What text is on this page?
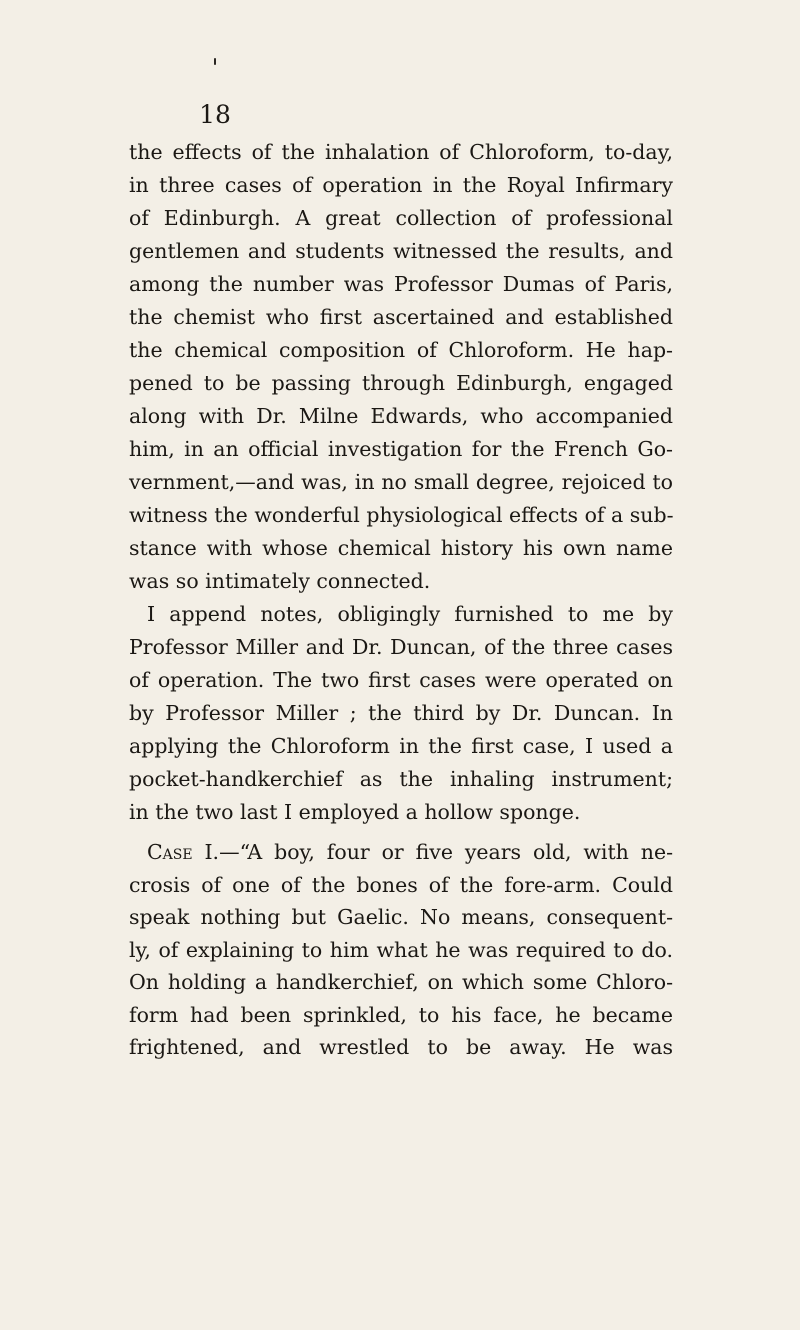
18
the effects of the inhalation of Chloroform, to-day,
in three cases of operation in the Royal Infirmary
of Edinburgh. A great collection of professional
gentlemen and students witnessed the results, and
among the number was Professor Dumas of Paris,
the chemist who first ascertained and established
the chemical composition of Chloroform. He hap-
pened to be passing through Edinburgh, engaged
along with Dr. Milne Edwards, who accompanied
him, in an official investigation for the French Go-
vernment,—and was, in no small degree, rejoiced to
witness the wonderful physiological effects of a sub-
stance with whose chemical history his own name
was so intimately connected.
I append notes, obligingly furnished to me by
Professor Miller and Dr. Duncan, of the three cases
of operation. The two first cases were operated on
by Professor Miller ; the third by Dr. Duncan. In
applying the Chloroform in the first case, I used a
pocket-handkerchief as the inhaling instrument;
in the two last I employed a hollow sponge.
Case I.—“A boy, four or five years old, with ne-
crosis of one of the bones of the fore-arm. Could
speak nothing but Gaelic. No means, consequent-
ly, of explaining to him what he was required to do.
On holding a handkerchief, on which some Chloro-
form had been sprinkled, to his face, he became
frightened, and wrestled to be away. He was
